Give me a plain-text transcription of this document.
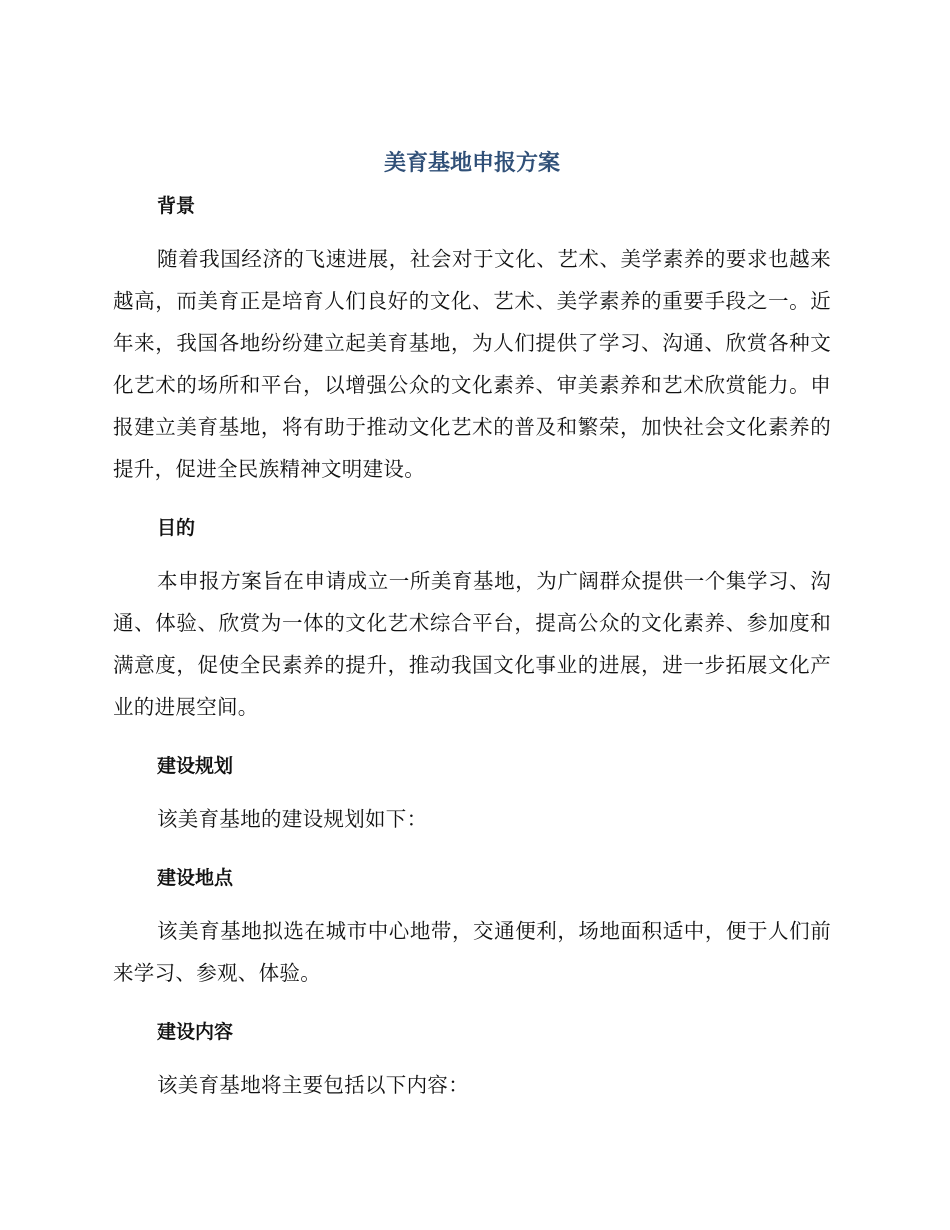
美育基地申报方案
背景

随着我国经济的飞速进展，社会对于文化、艺术、美学素养的要求也越来越高，而美育正是培育人们良好的文化、艺术、美学素养的重要手段之一。近年来，我国各地纷纷建立起美育基地，为人们提供了学习、沟通、欣赏各种文化艺术的场所和平台，以增强公众的文化素养、审美素养和艺术欣赏能力。申报建立美育基地，将有助于推动文化艺术的普及和繁荣，加快社会文化素养的提升，促进全民族精神文明建设。

目的

本申报方案旨在申请成立一所美育基地，为广阔群众提供一个集学习、沟通、体验、欣赏为一体的文化艺术综合平台，提高公众的文化素养、参加度和满意度，促使全民素养的提升，推动我国文化事业的进展，进一步拓展文化产业的进展空间。

建设规划

该美育基地的建设规划如下：

建设地点

该美育基地拟选在城市中心地带，交通便利，场地面积适中，便于人们前来学习、参观、体验。

建设内容

该美育基地将主要包括以下内容：
